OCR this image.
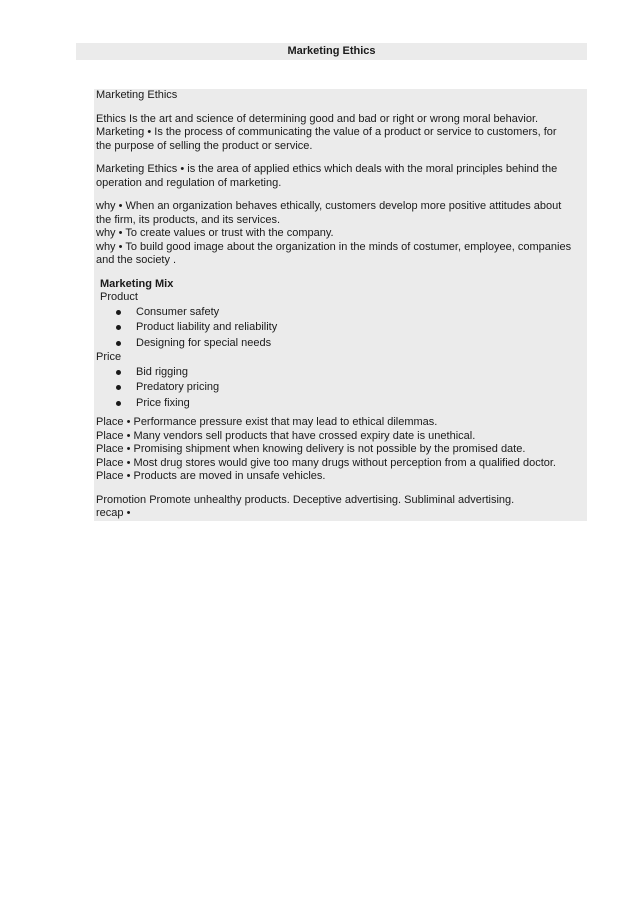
Marketing Ethics
Marketing Ethics
Ethics Is the art and science of determining good and bad or right or wrong moral behavior.
Marketing • Is the process of communicating the value of a product or service to customers, for
the purpose of selling the product or service.
Marketing Ethics • is the area of applied ethics which deals with the moral principles behind the
operation and regulation of marketing.
why • When an organization behaves ethically, customers develop more positive attitudes about
the firm, its products, and its services.
why • To create values or trust with the company.
why • To build good image about the organization in the minds of costumer, employee, companies
and the society .
Marketing Mix
Product
Consumer safety
Product liability and reliability
Designing for special needs
Price
Bid rigging
Predatory pricing
Price fixing
Place • Performance pressure exist that may lead to ethical dilemmas.
Place • Many vendors sell products that have crossed expiry date is unethical.
Place • Promising shipment when knowing delivery is not possible by the promised date.
Place • Most drug stores would give too many drugs without perception from a qualified doctor.
Place • Products are moved in unsafe vehicles.
Promotion Promote unhealthy products. Deceptive advertising. Subliminal advertising.
recap •
